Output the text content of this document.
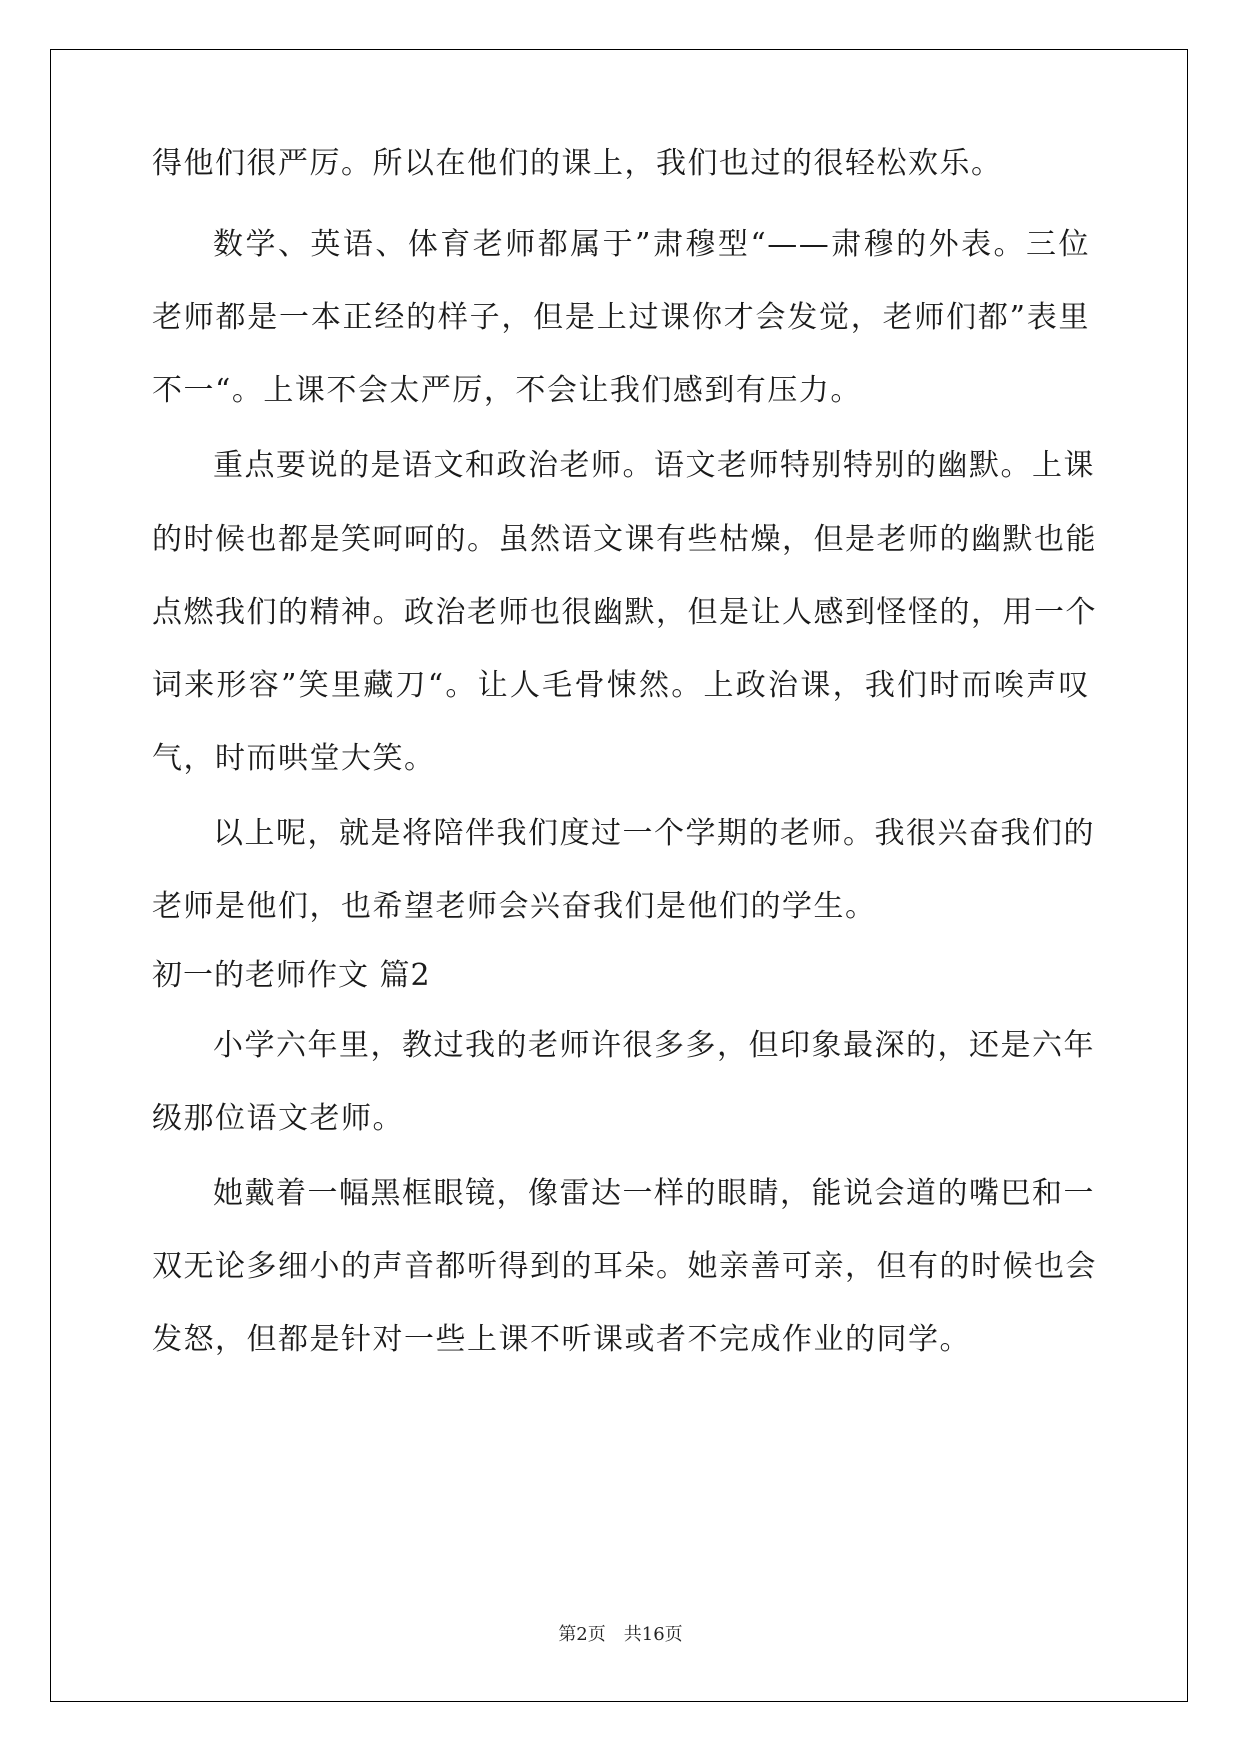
得他们很严厉。所以在他们的课上，我们也过的很轻松欢乐。
数学、英语、体育老师都属于”肃穆型“——肃穆的外表。三位
老师都是一本正经的样子，但是上过课你才会发觉，老师们都”表里
不一“。上课不会太严厉，不会让我们感到有压力。
重点要说的是语文和政治老师。语文老师特别特别的幽默。上课
的时候也都是笑呵呵的。虽然语文课有些枯燥，但是老师的幽默也能
点燃我们的精神。政治老师也很幽默，但是让人感到怪怪的，用一个
词来形容”笑里藏刀“。让人毛骨悚然。上政治课，我们时而唉声叹
气，时而哄堂大笑。
以上呢，就是将陪伴我们度过一个学期的老师。我很兴奋我们的
老师是他们，也希望老师会兴奋我们是他们的学生。
初一的老师作文 篇2
小学六年里，教过我的老师许很多多，但印象最深的，还是六年
级那位语文老师。
她戴着一幅黑框眼镜，像雷达一样的眼睛，能说会道的嘴巴和一
双无论多细小的声音都听得到的耳朵。她亲善可亲，但有的时候也会
发怒，但都是针对一些上课不听课或者不完成作业的同学。
第2页 共16页
